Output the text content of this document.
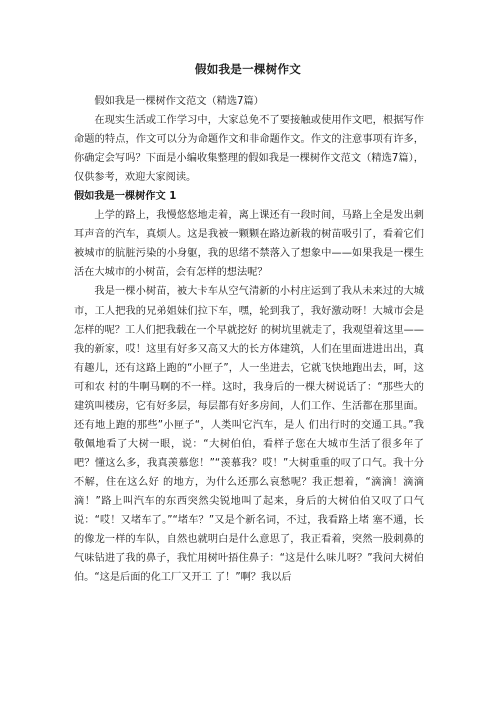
假如我是一棵树作文

假如我是一棵树作文范文（精选7篇）

在现实生活或工作学习中，大家总免不了要接触或使用作文吧，根据写作命题的特点，作文可以分为命题作文和非命题作文。作文的注意事项有许多，你确定会写吗？下面是小编收集整理的假如我是一棵树作文范文（精选7篇），仅供参考，欢迎大家阅读。

假如我是一棵树作文 1

上学的路上，我慢悠悠地走着，离上课还有一段时间，马路上全是发出刺耳声音的汽车，真烦人。这是我被一颗颗在路边新栽的树苗吸引了，看着它们被城市的肮脏污染的小身躯，我的思绪不禁落入了想象中——如果我是一棵生活在大城市的小树苗，会有怎样的想法呢？

我是一棵小树苗，被大卡车从空气清新的小村庄运到了我从未来过的大城市，工人把我的兄弟姐妹们拉下车，嘿，轮到我了，我好激动呀！大城市会是怎样的呢？工人们把我载在一个早就挖好 的树坑里就走了，我观望着这里——我的新家，哎！这里有好多又高又大的长方体建筑，人们在里面进进出出，真有趣儿，还有这路上跑的“小匣子”，人一坐进去，它就飞快地跑出去，呵，这可和农 村的牛啊马啊的不一样。这时，我身后的一棵大树说话了：“那些大的建筑叫楼房，它有好多层，每层都有好多房间，人们工作、生活都在那里面。还有地上跑的那些”小匣子“，人类叫它汽车，是人 们出行时的交通工具。”我敬佩地看了大树一眼，说：“大树伯伯，看样子您在大城市生活了很多年了吧？懂这么多，我真羡慕您！”“羡慕我？哎！”大树重重的叹了口气。我十分不解，住在这么好 的地方，为什么还那么哀愁呢？我正想着，“滴滴！滴滴滴！”路上叫汽车的东西突然尖锐地叫了起来，身后的大树伯伯又叹了口气说：“哎！又堵车了。”“堵车？”又是个新名词，不过，我看路上堵 塞不通，长的像龙一样的车队，自然也就明白是什么意思了，我正看着，突然一股刺鼻的气味钻进了我的鼻子，我忙用树叶捂住鼻子：“这是什么味儿呀？”我问大树伯伯。“这是后面的化工厂又开工 了！”啊？我以后
